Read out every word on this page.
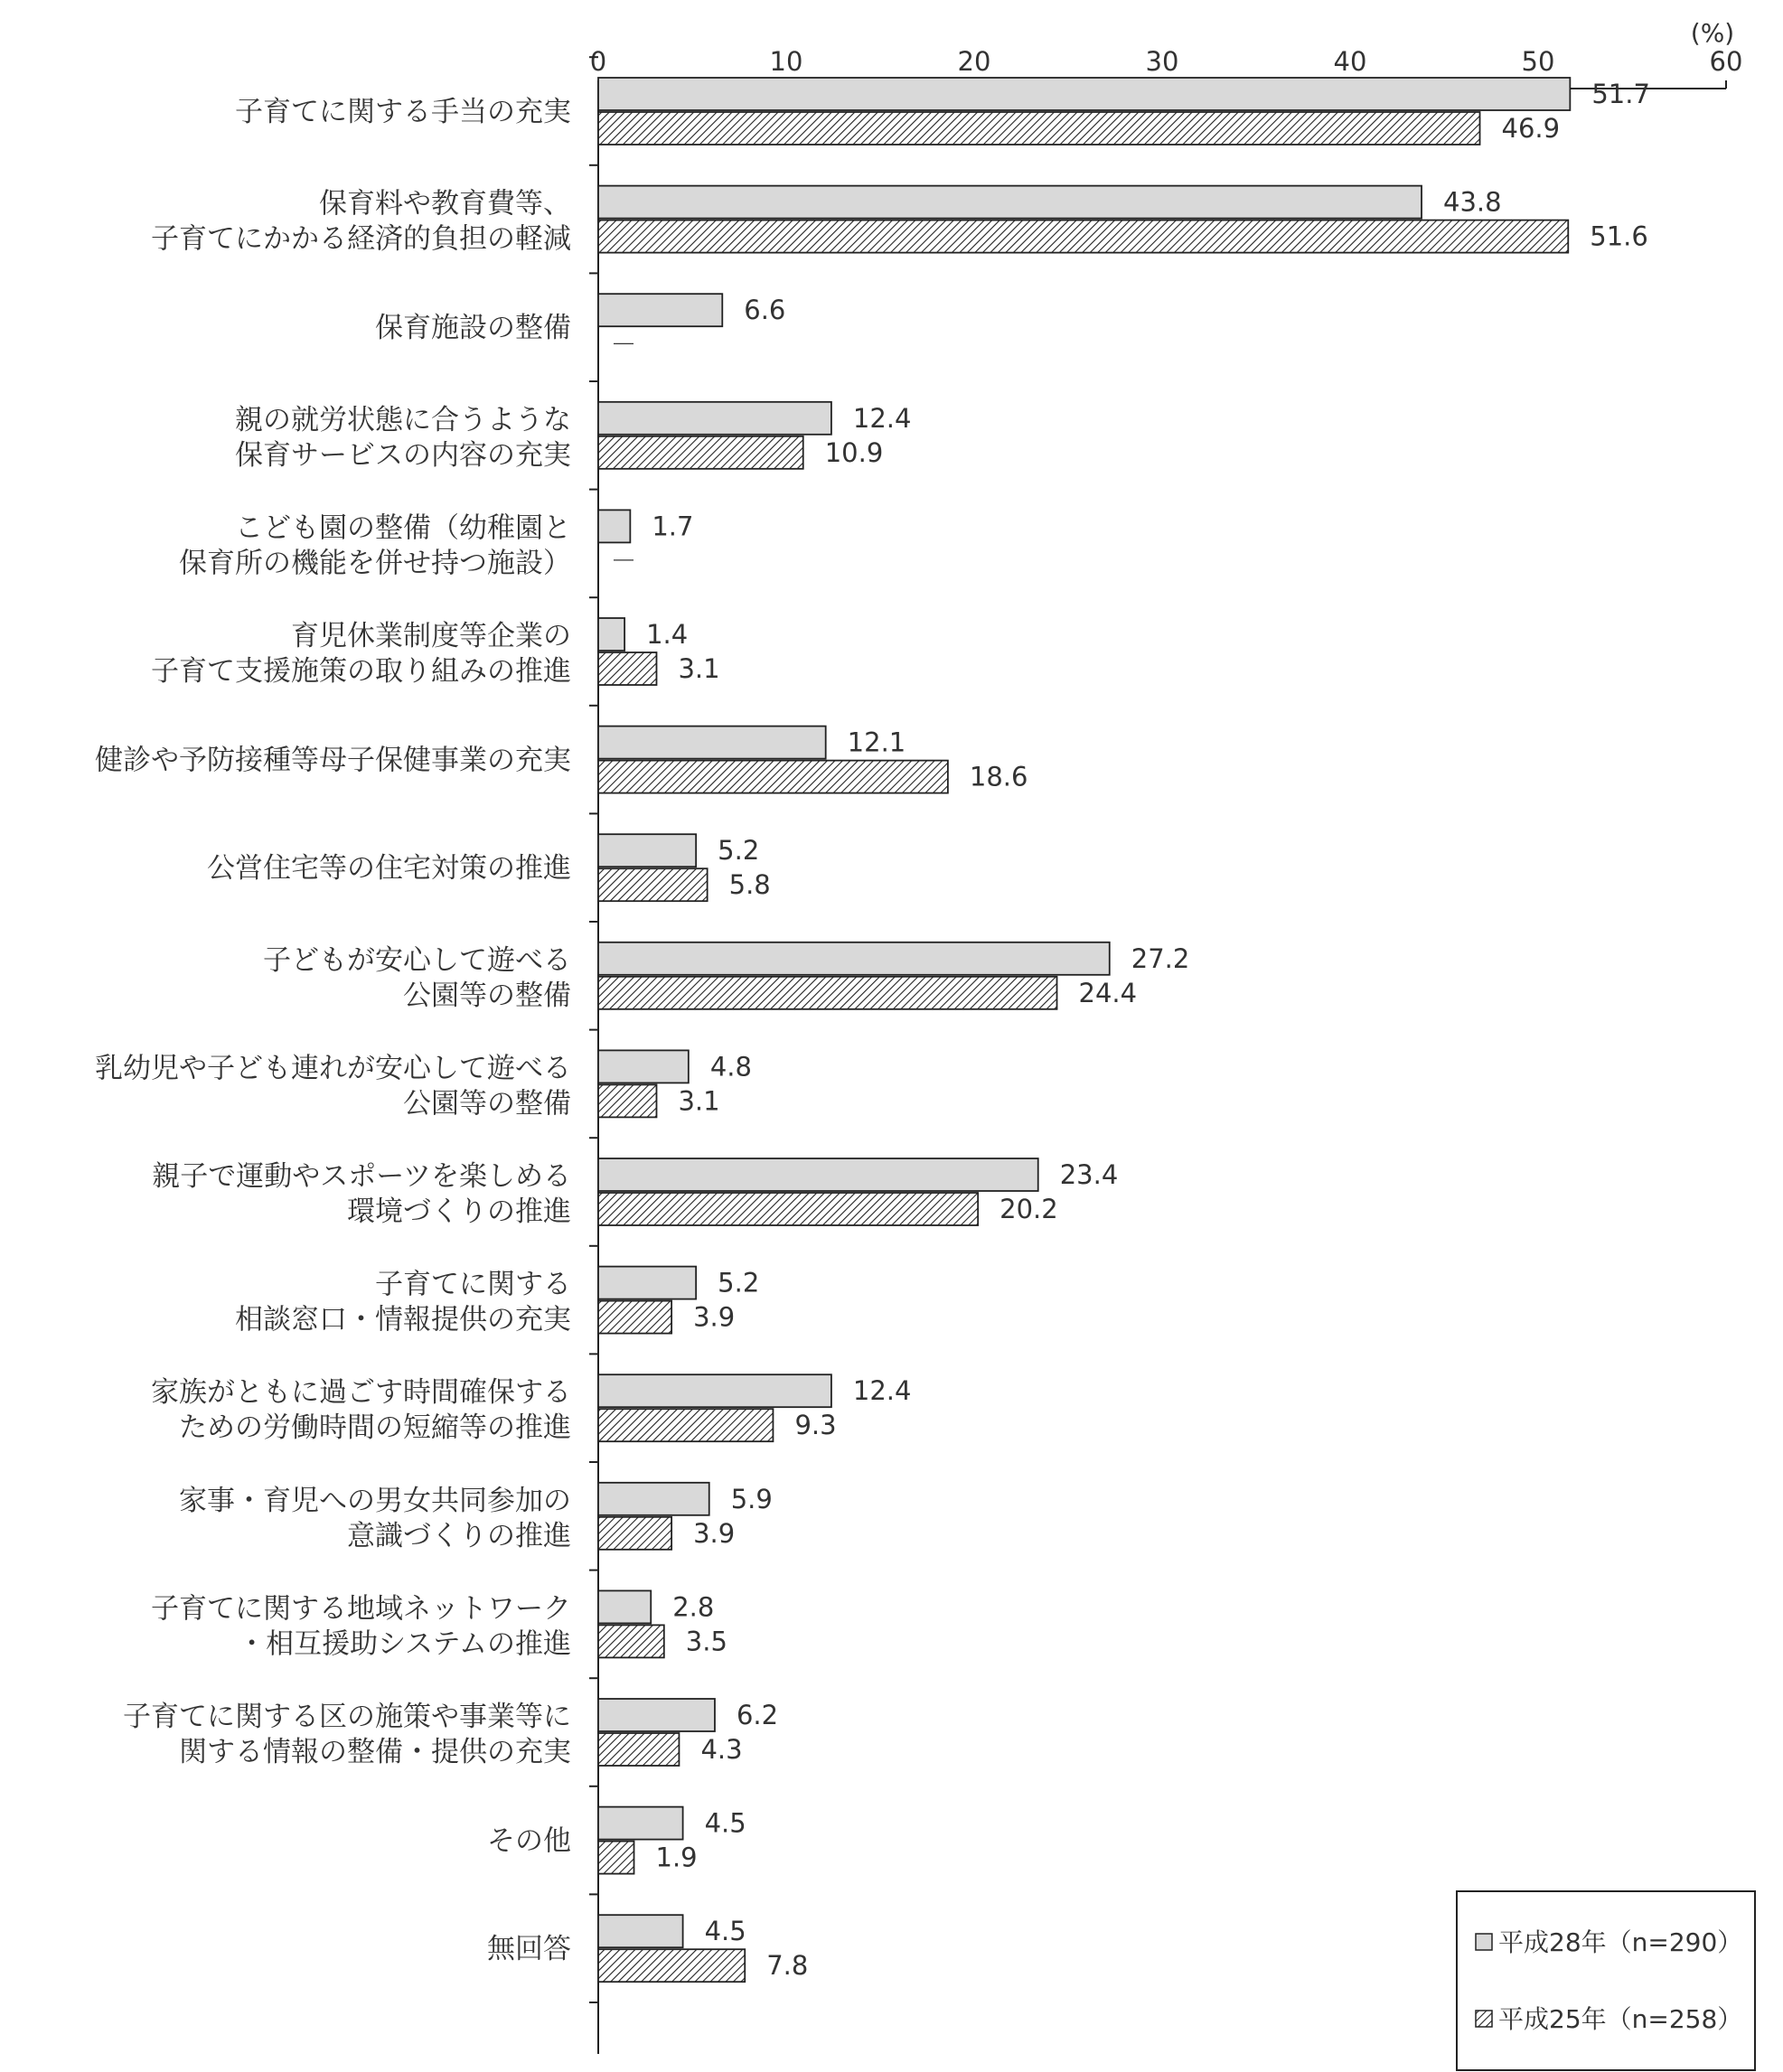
(%)
0	10	20	30	40	50	60
子育てに関する手当の充実
51.7
46.9
保育料や教育費等、
子育てにかかる経済的負担の軽減
43.8
51.6
保育施設の整備
6.6
－
親の就労状態に合うような
保育サービスの内容の充実
12.4
10.9
こども園の整備（幼稚園と
保育所の機能を併せ持つ施設）
1.7
－
育児休業制度等企業の
子育て支援施策の取り組みの推進
1.4
3.1
健診や予防接種等母子保健事業の充実
12.1
18.6
公営住宅等の住宅対策の推進
5.2
5.8
子どもが安心して遊べる
公園等の整備
27.2
24.4
乳幼児や子ども連れが安心して遊べる
公園等の整備
4.8
3.1
親子で運動やスポーツを楽しめる
環境づくりの推進
23.4
20.2
子育てに関する
相談窓口・情報提供の充実
5.2
3.9
家族がともに過ごす時間確保する
ための労働時間の短縮等の推進
12.4
9.3
家事・育児への男女共同参加の
意識づくりの推進
5.9
3.9
子育てに関する地域ネットワーク
・相互援助システムの推進
2.8
3.5
子育てに関する区の施策や事業等に
関する情報の整備・提供の充実
6.2
4.3
その他
4.5
1.9
無回答
4.5
7.8
平成28年（n=290）
平成25年（n=258）
